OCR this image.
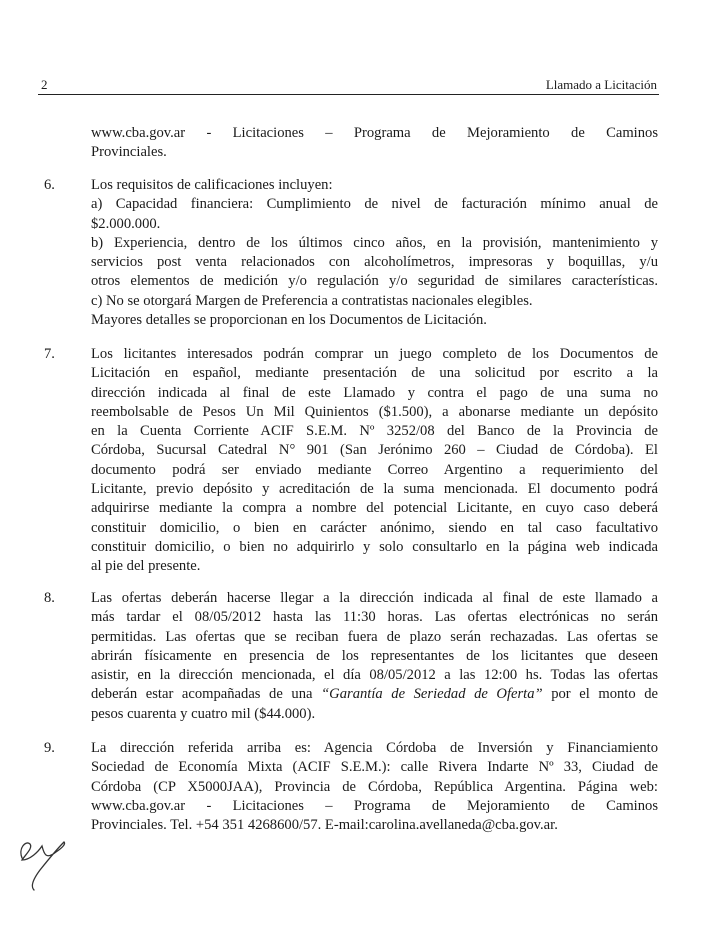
2	Llamado a Licitación
www.cba.gov.ar - Licitaciones – Programa de Mejoramiento de Caminos
Provinciales.
6. Los requisitos de calificaciones incluyen:
a) Capacidad financiera: Cumplimiento de nivel de facturación mínimo anual de
$2.000.000.
b) Experiencia, dentro de los últimos cinco años, en la provisión, mantenimiento y
servicios post venta relacionados con alcoholímetros, impresoras y boquillas, y/u
otros elementos de medición y/o regulación y/o seguridad de similares características.
c) No se otorgará Margen de Preferencia a contratistas nacionales elegibles.
Mayores detalles se proporcionan en los Documentos de Licitación.
7. Los licitantes interesados podrán comprar un juego completo de los Documentos de
Licitación en español, mediante presentación de una solicitud por escrito a la
dirección indicada al final de este Llamado y contra el pago de una suma no
reembolsable de Pesos Un Mil Quinientos ($1.500), a abonarse mediante un depósito
en la Cuenta Corriente ACIF S.E.M. Nº 3252/08 del Banco de la Provincia de
Córdoba, Sucursal Catedral N° 901 (San Jerónimo 260 – Ciudad de Córdoba). El
documento podrá ser enviado mediante Correo Argentino a requerimiento del
Licitante, previo depósito y acreditación de la suma mencionada. El documento podrá
adquirirse mediante la compra a nombre del potencial Licitante, en cuyo caso deberá
constituir domicilio, o bien en carácter anónimo, siendo en tal caso facultativo
constituir domicilio, o bien no adquirirlo y solo consultarlo en la página web indicada
al pie del presente.
8. Las ofertas deberán hacerse llegar a la dirección indicada al final de este llamado a
más tardar el 08/05/2012 hasta las 11:30 horas. Las ofertas electrónicas no serán
permitidas. Las ofertas que se reciban fuera de plazo serán rechazadas. Las ofertas se
abrirán físicamente en presencia de los representantes de los licitantes que deseen
asistir, en la dirección mencionada, el día 08/05/2012 a las 12:00 hs. Todas las ofertas
deberán estar acompañadas de una “Garantía de Seriedad de Oferta” por el monto de
pesos cuarenta y cuatro mil ($44.000).
9. La dirección referida arriba es: Agencia Córdoba de Inversión y Financiamiento
Sociedad de Economía Mixta (ACIF S.E.M.): calle Rivera Indarte Nº 33, Ciudad de
Córdoba (CP X5000JAA), Provincia de Córdoba, República Argentina. Página web:
www.cba.gov.ar - Licitaciones – Programa de Mejoramiento de Caminos
Provinciales. Tel. +54 351 4268600/57. E-mail:carolina.avellaneda@cba.gov.ar.
